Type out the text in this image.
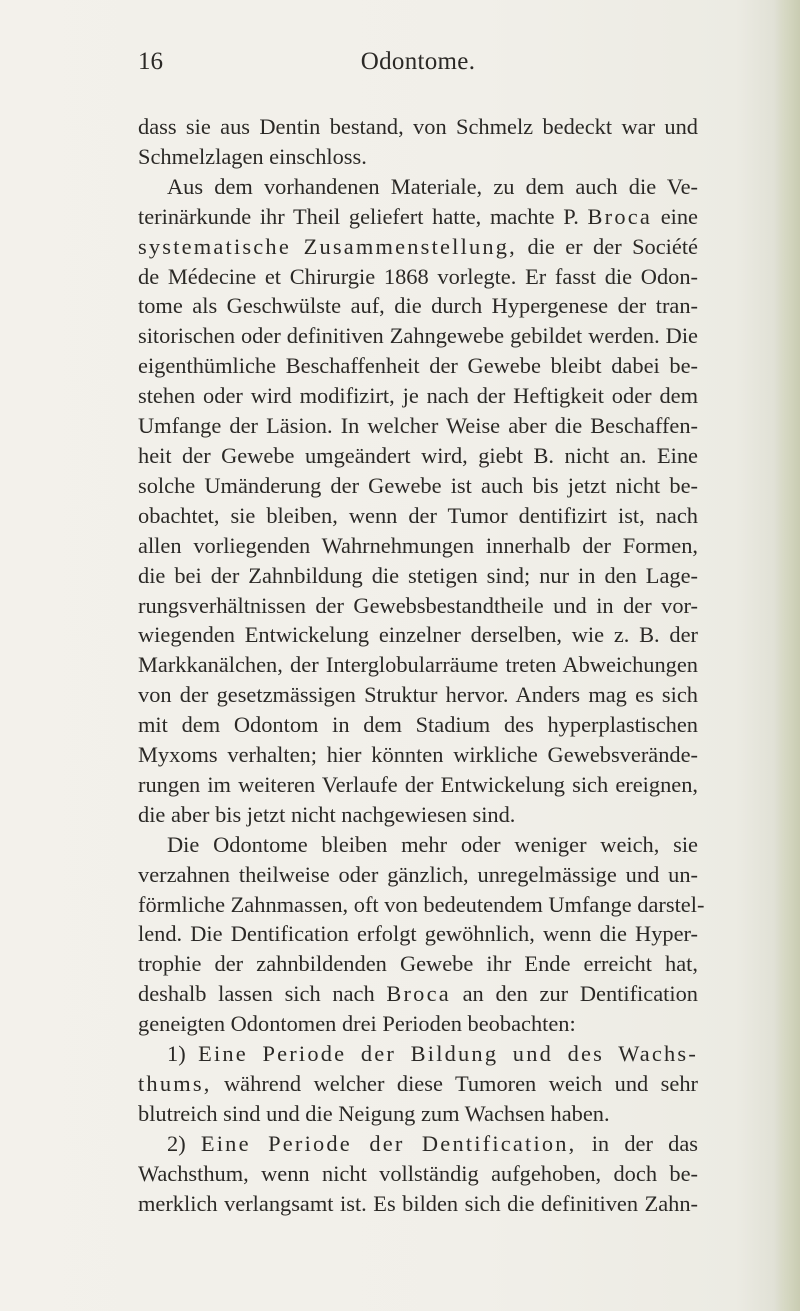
16	Odontome.
dass sie aus Dentin bestand, von Schmelz bedeckt war und
Schmelzlagen einschloss.
Aus dem vorhandenen Materiale, zu dem auch die Ve-
terinärkunde ihr Theil geliefert hatte, machte P. Broca eine
systematische Zusammenstellung, die er der Société
de Médecine et Chirurgie 1868 vorlegte. Er fasst die Odon-
tome als Geschwülste auf, die durch Hypergenese der tran-
sitorischen oder definitiven Zahngewebe gebildet werden. Die
eigenthümliche Beschaffenheit der Gewebe bleibt dabei be-
stehen oder wird modifizirt, je nach der Heftigkeit oder dem
Umfange der Läsion. In welcher Weise aber die Beschaffen-
heit der Gewebe umgeändert wird, giebt B. nicht an. Eine
solche Umänderung der Gewebe ist auch bis jetzt nicht be-
obachtet, sie bleiben, wenn der Tumor dentifizirt ist, nach
allen vorliegenden Wahrnehmungen innerhalb der Formen,
die bei der Zahnbildung die stetigen sind; nur in den Lage-
rungsverhältnissen der Gewebsbestandtheile und in der vor-
wiegenden Entwickelung einzelner derselben, wie z. B. der
Markkanälchen, der Interglobularräume treten Abweichungen
von der gesetzmässigen Struktur hervor. Anders mag es sich
mit dem Odontom in dem Stadium des hyperplastischen
Myxoms verhalten; hier könnten wirkliche Gewebsverände-
rungen im weiteren Verlaufe der Entwickelung sich ereignen,
die aber bis jetzt nicht nachgewiesen sind.
Die Odontome bleiben mehr oder weniger weich, sie
verzahnen theilweise oder gänzlich, unregelmässige und un-
förmliche Zahnmassen, oft von bedeutendem Umfange darstel-
lend. Die Dentification erfolgt gewöhnlich, wenn die Hyper-
trophie der zahnbildenden Gewebe ihr Ende erreicht hat,
deshalb lassen sich nach Broca an den zur Dentification
geneigten Odontomen drei Perioden beobachten:
1) Eine Periode der Bildung und des Wachs-
thums, während welcher diese Tumoren weich und sehr
blutreich sind und die Neigung zum Wachsen haben.
2) Eine Periode der Dentification, in der das
Wachsthum, wenn nicht vollständig aufgehoben, doch be-
merklich verlangsamt ist. Es bilden sich die definitiven Zahn-
